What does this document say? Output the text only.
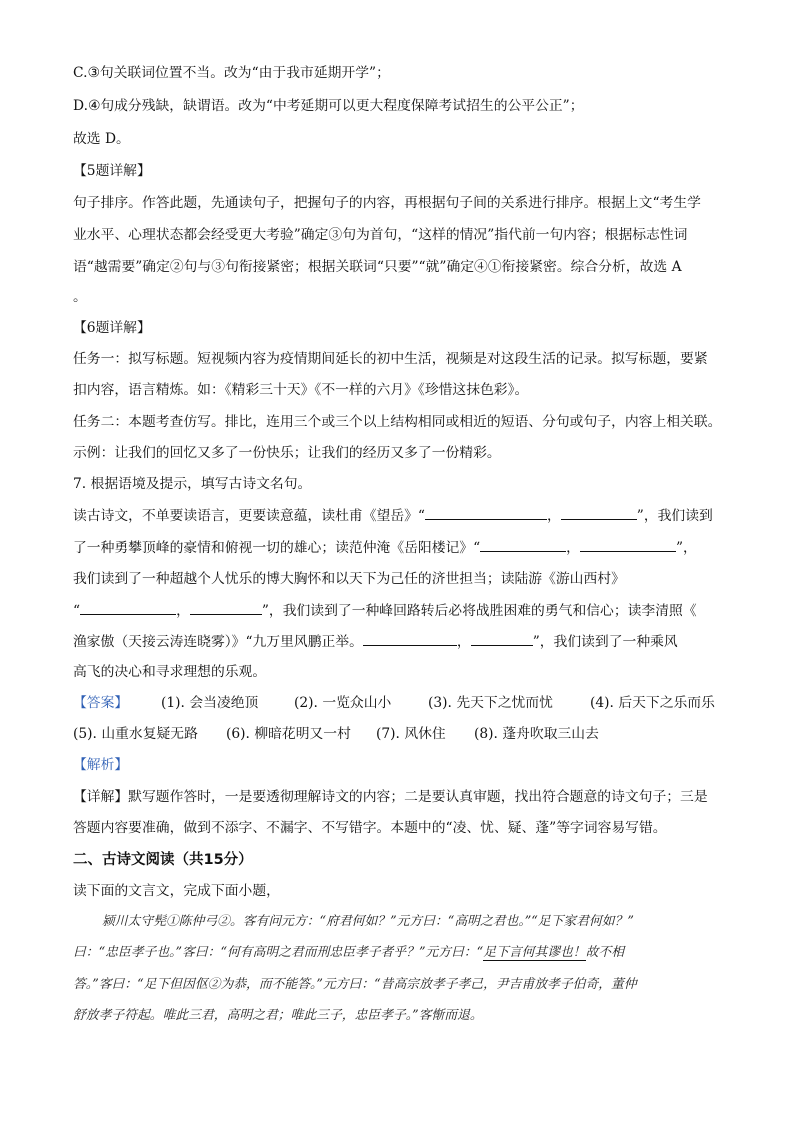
C.③句关联词位置不当。改为“由于我市延期开学”；

D.④句成分残缺，缺谓语。改为“中考延期可以更大程度保障考试招生的公平公正”；

故选 D。

【5题详解】

句子排序。作答此题，先通读句子，把握句子的内容，再根据句子间的关系进行排序。根据上文“考生学

业水平、心理状态都会经受更大考验”确定③句为首句，“这样的情况”指代前一句内容；根据标志性词

语“越需要”确定②句与③句衔接紧密；根据关联词“只要”“就”确定④①衔接紧密。综合分析，故选 A

。

【6题详解】

任务一：拟写标题。短视频内容为疫情期间延长的初中生活，视频是对这段生活的记录。拟写标题，要紧

扣内容，语言精炼。如：《精彩三十天》《不一样的六月》《珍惜这抹色彩》。

任务二：本题考查仿写。排比，连用三个或三个以上结构相同或相近的短语、分句或句子，内容上相关联。

示例：让我们的回忆又多了一份快乐；让我们的经历又多了一份精彩。

7. 根据语境及提示，填写古诗文名句。

读古诗文，不单要读语言，更要读意蕴，读杜甫《望岳》“	，	”，我们读到

了一种勇攀顶峰的豪情和俯视一切的雄心；读范仲淹《岳阳楼记》“	，	”，

我们读到了一种超越个人忧乐的博大胸怀和以天下为己任的济世担当；读陆游《游山西村》

“	，	”，我们读到了一种峰回路转后必将战胜困难的勇气和信心；读李清照《

渔家傲（天接云涛连晓雾）》“九万里风鹏正举。	，	”，我们读到了一种乘风

高飞的决心和寻求理想的乐观。

【答案】 (1). 会当凌绝顶	(2). 一览众山小	(3). 先天下之忧而忧	(4). 后天下之乐而乐
(5). 山重水复疑无路 (6). 柳暗花明又一村 (7). 风休住 (8). 蓬舟吹取三山去

【解析】

【详解】默写题作答时，一是要透彻理解诗文的内容；二是要认真审题，找出符合题意的诗文句子；三是

答题内容要准确，做到不添字、不漏字、不写错字。本题中的“凌、忧、疑、蓬”等字词容易写错。

二、古诗文阅读（共15分）

读下面的文言文，完成下面小题，

颍川太守髡①陈仲弓②。客有问元方：“府君何如？”元方曰：“高明之君也。”“足下家君何如？”

曰：“忠臣孝子也。”客曰：“何有高明之君而刑忠臣孝子者乎？”元方曰：“足下言何其谬也！故不相

答。”客曰：“足下但因伛②为恭，而不能答。”元方曰：“昔高宗放孝子孝己，尹吉甫放孝子伯奇，董仲

舒放孝子符起。唯此三君，高明之君；唯此三子，忠臣孝子。”客惭而退。
